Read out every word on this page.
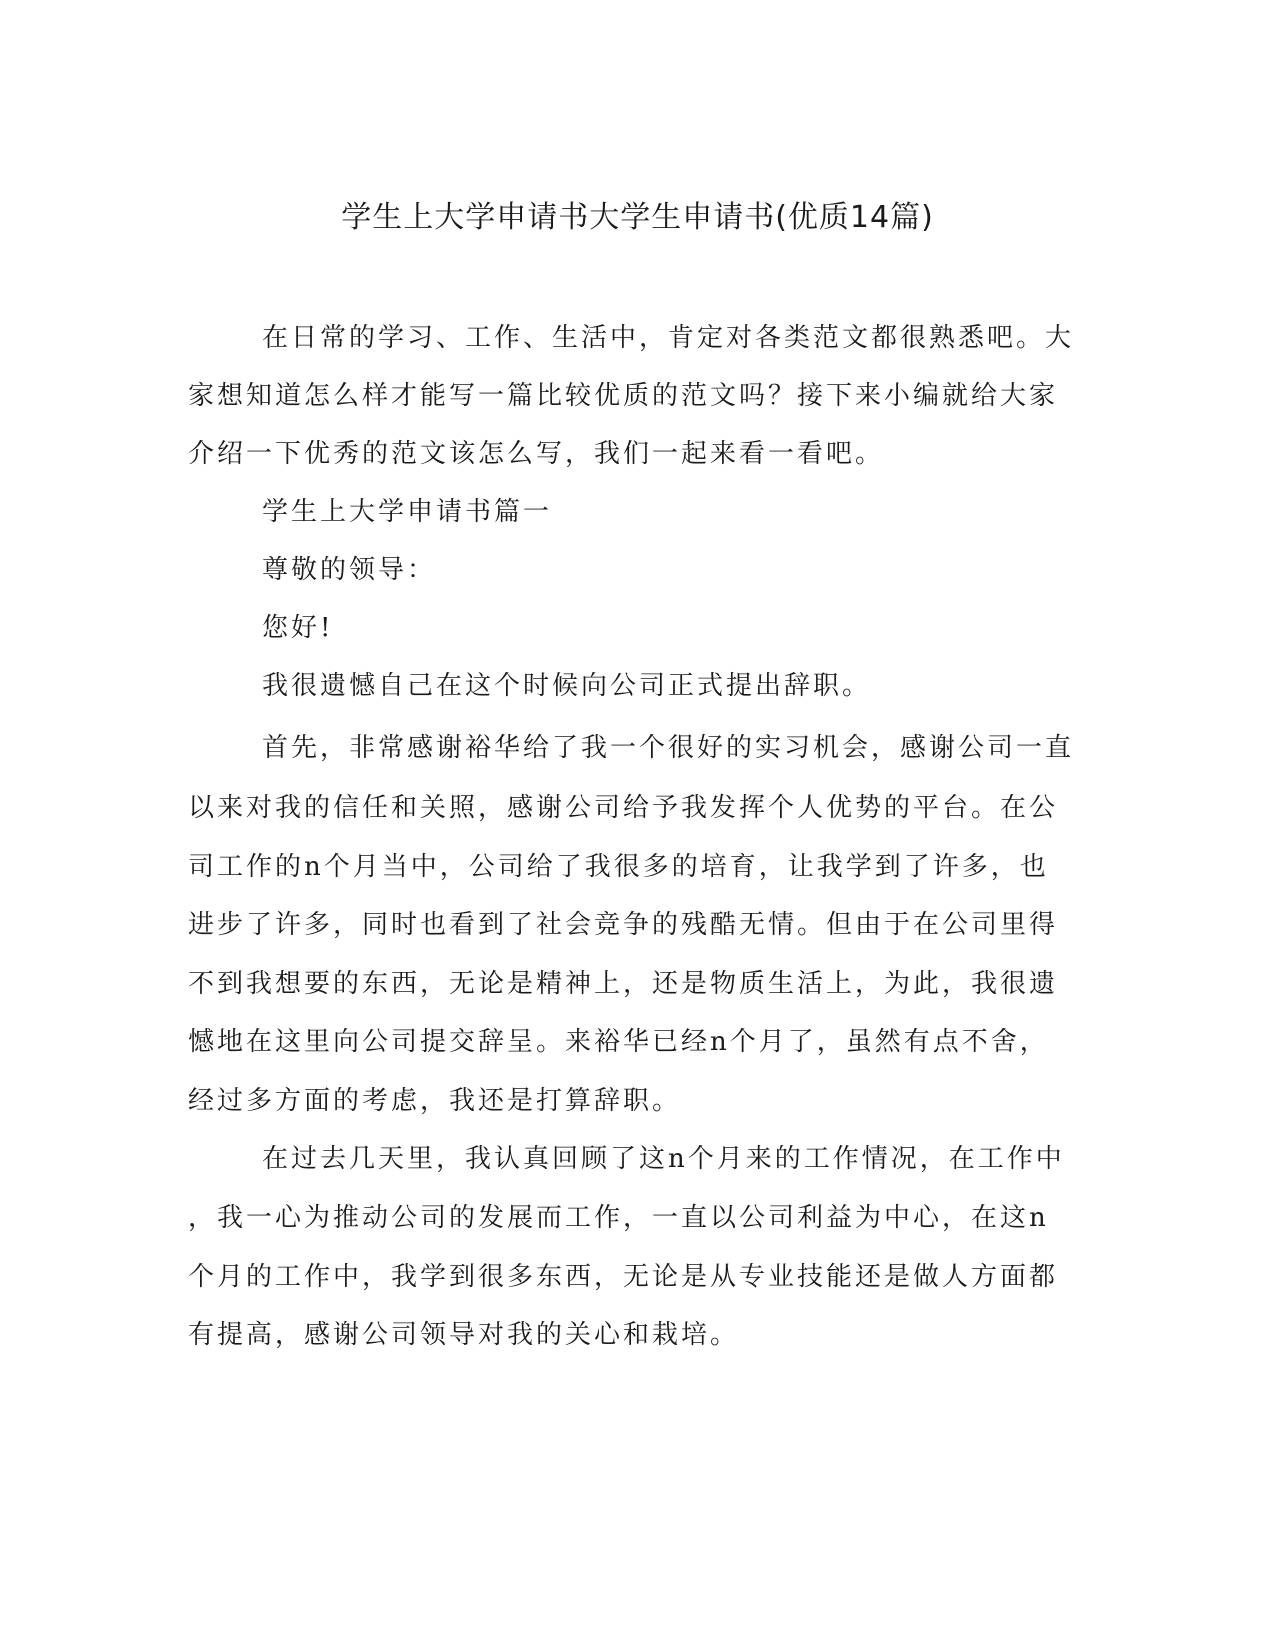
学生上大学申请书大学生申请书(优质14篇)

在日常的学习、工作、生活中，肯定对各类范文都很熟悉吧。大

家想知道怎么样才能写一篇比较优质的范文吗？接下来小编就给大家

介绍一下优秀的范文该怎么写，我们一起来看一看吧。

学生上大学申请书篇一

尊敬的领导：

您好!

我很遗憾自己在这个时候向公司正式提出辞职。

首先，非常感谢裕华给了我一个很好的实习机会，感谢公司一直

以来对我的信任和关照，感谢公司给予我发挥个人优势的平台。在公

司工作的n个月当中，公司给了我很多的培育，让我学到了许多，也

进步了许多，同时也看到了社会竞争的残酷无情。但由于在公司里得

不到我想要的东西，无论是精神上，还是物质生活上，为此，我很遗

憾地在这里向公司提交辞呈。来裕华已经n个月了，虽然有点不舍，

经过多方面的考虑，我还是打算辞职。

在过去几天里，我认真回顾了这n个月来的工作情况，在工作中

，我一心为推动公司的发展而工作，一直以公司利益为中心，在这n

个月的工作中，我学到很多东西，无论是从专业技能还是做人方面都

有提高，感谢公司领导对我的关心和栽培。
